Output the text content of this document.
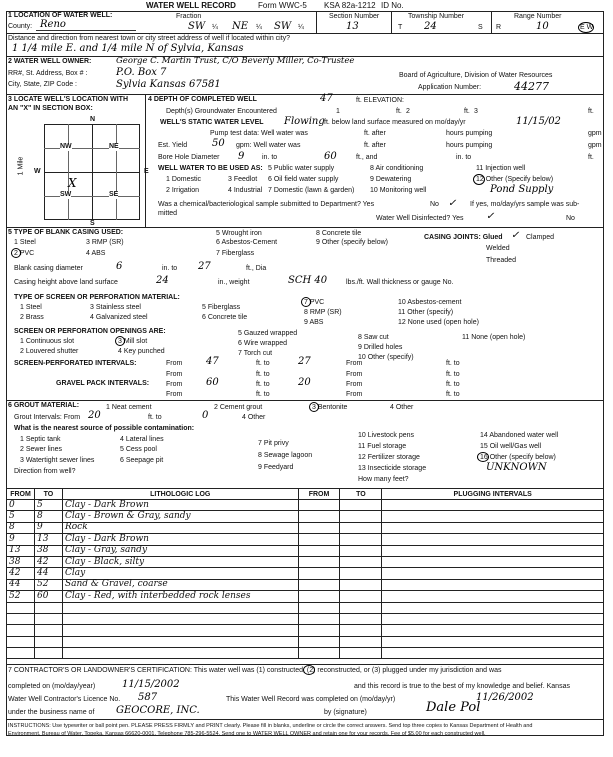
WATER WELL RECORD	Form WWC-5 KSA 82a-1212 ID No.
1 LOCATION OF WATER WELL:
County: Reno
Fraction
SW ¼ NE ¼ SW ¼
Section Number
13
Township Number
T 24	S
Range Number
R	10	E W
Distance and direction from nearest town or city street address of well if located within city?
1 1/4 mile E. and 1/4 mile N of Sylvia, Kansas
2 WATER WELL OWNER:	George C. Martin Trust, C/O Beverly Miller, Co-Trustee
RR#, St. Address, Box # :	P.O. Box 7
City, State, ZIP Code :	Sylvia Kansas 67581
Board of Agriculture, Division of Water Resources
Application Number:	44277
3 LOCATE WELL'S LOCATION WITH
AN "X" IN SECTION BOX:
N
S
W	E
1 Mile
NW	NE
SW	SE
X
4 DEPTH OF COMPLETED WELL	47	ft. ELEVATION:
Depth(s) Groundwater Encountered	1	ft. 2	ft. 3	ft.
WELL'S STATIC WATER LEVEL Flowing ft. below land surface measured on mo/day/yr	11/15/02
Pump test data: Well water was	ft. after	hours pumping	gpm
Est. Yield 50 gpm: Well water was	ft. after	hours pumping	gpm
Bore Hole Diameter 9	in. to	60	ft., and	in. to	ft.
WELL WATER TO BE USED AS:
1 Domestic	3 Feedlot
5 Public water supply	8 Air conditioning	11 Injection well
2 Irrigation	4 Industrial
6 Oil field water supply	9 Dewatering	12 Other (Specify below)
7 Domestic (lawn & garden) 10 Monitoring well	Pond Supply
Was a chemical/bacteriological sample submitted to Department? Yes	No ✓ If yes, mo/day/yrs sample was sub-
mitted
Water Well Disinfected? Yes ✓	No
5 TYPE OF BLANK CASING USED:
1 Steel	3 RMP (SR)
5 Wrought iron	8 Concrete tile
2 PVC	4 ABS
6 Asbestos-Cement	9 Other (specify below)
7 Fiberglass
CASING JOINTS: Glued ✓ Clamped
Welded
Threaded
Blank casing diameter	6	in. to 27	ft., Dia
Casing height above land surface	24	in., weight	SCH 40	lbs./ft. Wall thickness or gauge No.
TYPE OF SCREEN OR PERFORATION MATERIAL:
1 Steel	3 Stainless steel	5 Fiberglass
7 PVC	10 Asbestos-cement
2 Brass	4 Galvanized steel	6 Concrete tile
8 RMP (SR)	11 Other (specify)
9 ABS	12 None used (open hole)
SCREEN OR PERFORATION OPENINGS ARE:
1 Continuous slot	3 Mill slot
5 Gauzed wrapped
8 Saw cut	11 None (open hole)
2 Louvered shutter	4 Key punched
6 Wire wrapped
9 Drilled holes
7 Torch cut
10 Other (specify)
SCREEN-PERFORATED INTERVALS:	From 47	ft. to	27	From	ft. to
From	ft. to	From	ft. to
GRAVEL PACK INTERVALS: From 60	ft. to	20	From	ft. to
From	ft. to	From	ft. to
6 GROUT MATERIAL:	1 Neat cement	2 Cement grout	3 Bentonite	4 Other
Grout Intervals: From 20	ft. to	0	4 Other
What is the nearest source of possible contamination:
1 Septic tank	4 Lateral lines
7 Pit privy
10 Livestock pens	14 Abandoned water well
2 Sewer lines	5 Cess pool
8 Sewage lagoon
11 Fuel storage	15 Oil well/Gas well
3 Watertight sewer lines	6 Seepage pit
9 Feedyard
12 Fertilizer storage	16 Other (specify below)
13 Insecticide storage	UNKNOWN
Direction from well?
How many feet?
FROM	TO	LITHOLOGIC LOG	FROM	TO	PLUGGING INTERVALS
0	5	Clay - Dark Brown			
5	8	Clay - Brown & Gray, sandy			
8	9	Rock			
9	13	Clay - Dark Brown			
13	38	Clay - Gray, sandy			
38	42	Clay - Black, silty			
42	44	Clay			
44	52	Sand & Gravel, coarse			
52	60	Clay - Red, with interbedded rock lenses			

7 CONTRACTOR'S OR LANDOWNER'S CERTIFICATION: This water well was (1) constructed, (2) reconstructed, or (3) plugged under my jurisdiction and was
completed on (mo/day/year)	11/15/2002	and this record is true to the best of my knowledge and belief. Kansas
Water Well Contractor's Licence No. 587	This Water Well Record was completed on (mo/day/yr)	11/26/2002
under the business name of GEOCORE, INC.	by (signature)	Dale Pol
INSTRUCTIONS: Use typewriter or ball point pen. PLEASE PRESS FIRMLY and PRINT clearly. Please fill in blanks, underline or circle the correct answers. Send top three copies to Kansas Department of Health and
Environment, Bureau of Water, Topeka, Kansas 66620-0001. Telephone 785-296-5524. Send one to WATER WELL OWNER and retain one for your records. Fee of $5.00 for each constructed well.
